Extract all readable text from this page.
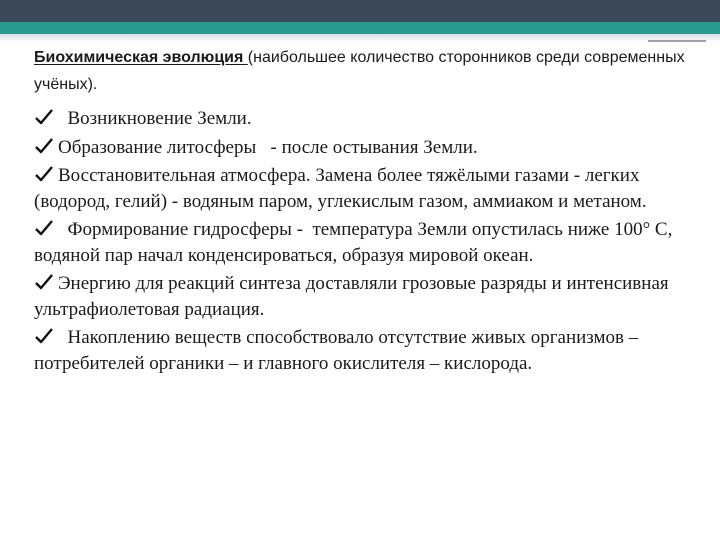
Биохимическая эволюция (наибольшее количество сторонников среди современных учёных).

Возникновение Земли.
Образование литосферы   - после остывания Земли.
Восстановительная атмосфера. Замена более тяжёлыми газами - легких (водород, гелий) - водяным паром, углекислым газом, аммиаком и метаном.
Формирование гидросферы -  температура Земли опустилась ниже 100° С, водяной пар начал конденсироваться, образуя мировой океан.
Энергию для реакций синтеза доставляли грозовые разряды и интенсивная ультрафиолетовая радиация.
Накоплению веществ способствовало отсутствие живых организмов – потребителей органики – и главного окислителя – кислорода.
